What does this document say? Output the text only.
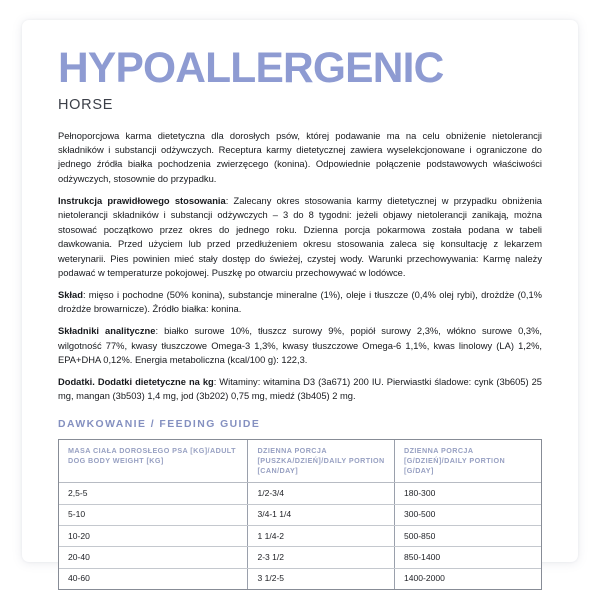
HYPOALLERGENIC
HORSE

Pełnoporcjowa karma dietetyczna dla dorosłych psów, której podawanie ma na celu obniżenie nietolerancji składników i substancji odżywczych. Receptura karmy dietetycznej zawiera wyselekcjonowane i ograniczone do jednego źródła białka pochodzenia zwierzęcego (konina). Odpowiednie połączenie podstawowych właściwości odżywczych, stosownie do przypadku.

Instrukcja prawidłowego stosowania: Zalecany okres stosowania karmy dietetycznej w przypadku obniżenia nietolerancji składników i substancji odżywczych – 3 do 8 tygodni: jeżeli objawy nietolerancji zanikają, można stosować początkowo przez okres do jednego roku. Dzienna porcja pokarmowa została podana w tabeli dawkowania. Przed użyciem lub przed przedłużeniem okresu stosowania zaleca się konsultację z lekarzem weterynarii. Pies powinien mieć stały dostęp do świeżej, czystej wody. Warunki przechowywania: Karmę należy podawać w temperaturze pokojowej. Puszkę po otwarciu przechowywać w lodówce.

Skład: mięso i pochodne (50% konina), substancje mineralne (1%), oleje i tłuszcze (0,4% olej rybi), drożdże (0,1% drożdże browarnicze). Źródło białka: konina.

Składniki analityczne: białko surowe 10%, tłuszcz surowy 9%, popiół surowy 2,3%, włókno surowe 0,3%, wilgotność 77%, kwasy tłuszczowe Omega-3 1,3%, kwasy tłuszczowe Omega-6 1,1%, kwas linolowy (LA) 1,2%, EPA+DHA 0,12%. Energia metaboliczna (kcal/100 g): 122,3.

Dodatki. Dodatki dietetyczne na kg: Witaminy: witamina D3 (3a671) 200 IU. Pierwiastki śladowe: cynk (3b605) 25 mg, mangan (3b503) 1,4 mg, jod (3b202) 0,75 mg, miedź (3b405) 2 mg.

DAWKOWANIE / FEEDING GUIDE
MASA CIAŁA DOROSŁEGO PSA [KG]/ADULT DOG BODY WEIGHT [KG]	DZIENNA PORCJA [PUSZKA/DZIEŃ]/DAILY PORTION [CAN/DAY]	DZIENNA PORCJA [G/DZIEŃ]/DAILY PORTION [G/DAY]
2,5-5	1/2-3/4	180-300
5-10	3/4-1 1/4	300-500
10-20	1 1/4-2	500-850
20-40	2-3 1/2	850-1400
40-60	3 1/2-5	1400-2000
